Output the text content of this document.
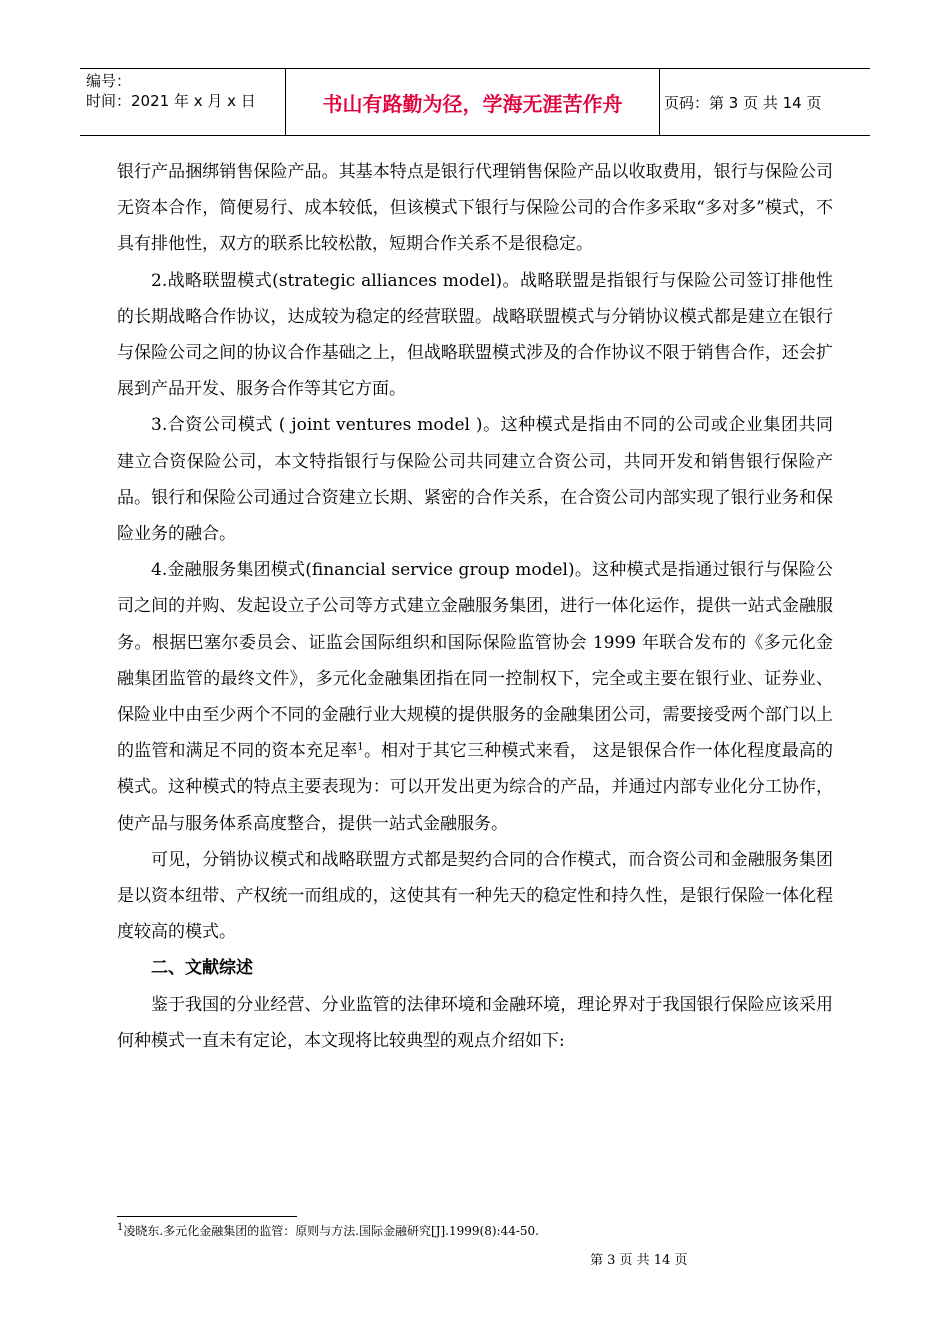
编号：
时间：2021 年 x 月 x 日	书山有路勤为径，学海无涯苦作舟	页码：第 3 页 共 14 页

银行产品捆绑销售保险产品。其基本特点是银行代理销售保险产品以收取费用，银行与保险公司无资本合作，简便易行、成本较低，但该模式下银行与保险公司的合作多采取“多对多”模式，不具有排他性，双方的联系比较松散，短期合作关系不是很稳定。

2.战略联盟模式(strategic alliances model)。战略联盟是指银行与保险公司签订排他性的长期战略合作协议，达成较为稳定的经营联盟。战略联盟模式与分销协议模式都是建立在银行与保险公司之间的协议合作基础之上，但战略联盟模式涉及的合作协议不限于销售合作，还会扩展到产品开发、服务合作等其它方面。

3.合资公司模式 ( joint ventures model )。这种模式是指由不同的公司或企业集团共同建立合资保险公司，本文特指银行与保险公司共同建立合资公司，共同开发和销售银行保险产品。银行和保险公司通过合资建立长期、紧密的合作关系，在合资公司内部实现了银行业务和保险业务的融合。

4.金融服务集团模式(financial service group model)。这种模式是指通过银行与保险公司之间的并购、发起设立子公司等方式建立金融服务集团，进行一体化运作，提供一站式金融服务。根据巴塞尔委员会、证监会国际组织和国际保险监管协会 1999 年联合发布的《多元化金融集团监管的最终文件》，多元化金融集团指在同一控制权下，完全或主要在银行业、证券业、保险业中由至少两个不同的金融行业大规模的提供服务的金融集团公司，需要接受两个部门以上的监管和满足不同的资本充足率$^1$。相对于其它三种模式来看， 这是银保合作一体化程度最高的模式。这种模式的特点主要表现为：可以开发出更为综合的产品，并通过内部专业化分工协作，使产品与服务体系高度整合，提供一站式金融服务。

可见，分销协议模式和战略联盟方式都是契约合同的合作模式，而合资公司和金融服务集团是以资本纽带、产权统一而组成的，这使其有一种先天的稳定性和持久性，是银行保险一体化程度较高的模式。

二、文献综述

鉴于我国的分业经营、分业监管的法律环境和金融环境，理论界对于我国银行保险应该采用何种模式一直未有定论，本文现将比较典型的观点介绍如下:

$^1$凌晓东.多元化金融集团的监管：原则与方法.国际金融研究[J].1999(8):44-50.
第 3 页 共 14 页
